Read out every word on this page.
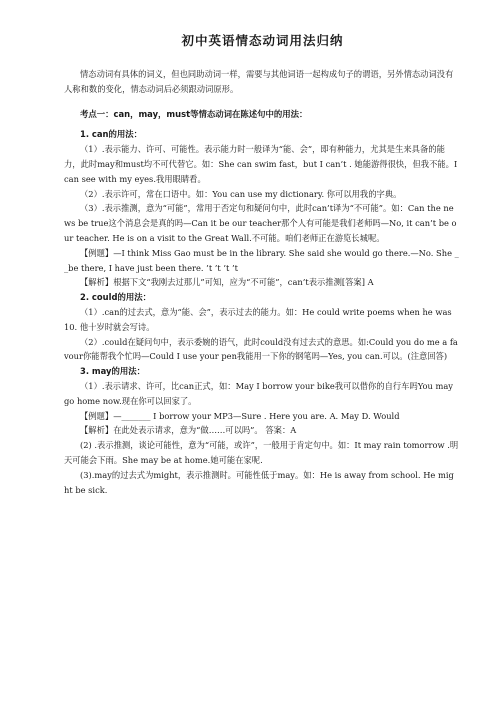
初中英语情态动词用法归纳

情态动词有具体的词义，但也同助动词一样，需要与其他词语一起构成句子的谓语，另外情态动词没有人称和数的变化，情态动词后必须跟动词原形。

考点一：can，may，must等情态动词在陈述句中的用法：

1. can的用法：

（1）.表示能力、许可、可能性。表示能力时一般译为“能、会”，即有种能力，尤其是生来具备的能力，此时may和must均不可代替它。如：She can swim fast，but I can’t . 她能游得很快，但我不能。I can see with my eyes.我用眼睛看。

（2）.表示许可，常在口语中。如：You can use my dictionary. 你可以用我的字典。

（3）.表示推测，意为“可能”，常用于否定句和疑问句中，此时can’t译为“不可能”。如：Can the news be true这个消息会是真的吗—Can it be our teacher那个人有可能是我们老师吗—No, it can’t be our teacher. He is on a visit to the Great Wall.不可能。咱们老师正在游览长城呢。

【例题】—I think Miss Gao must be in the library. She said she would go there.—No. She __be there, I have just been there. ’t ’t ’t ’t

【解析】根据下文“我刚去过那儿”可知，应为“不可能”，can’t表示推测[答案] A

2. could的用法：

（1）.can的过去式，意为“能、会”，表示过去的能力。如：He could write poems when he was 10. 他十岁时就会写诗。

（2）.could在疑问句中，表示委婉的语气，此时could没有过去式的意思。如:Could you do me a favour你能帮我个忙吗—Could I use your pen我能用一下你的钢笔吗—Yes, you can.可以。(注意回答)

3. may的用法：

（1）.表示请求、许可，比can正式，如：May I borrow your bike我可以借你的自行车吗You may go home now.现在你可以回家了。

【例题】—_______ I borrow your MP3—Sure . Here you are. A. May D. Would

【解析】在此处表示请求，意为“做……可以吗”。 答案：A

(2) .表示推测，谈论可能性，意为“可能，或许”，一般用于肯定句中。如：It may rain tomorrow .明天可能会下雨。She may be at home.她可能在家呢.

(3).may的过去式为might，表示推测时。可能性低于may。如：He is away from school. He might be sick.
